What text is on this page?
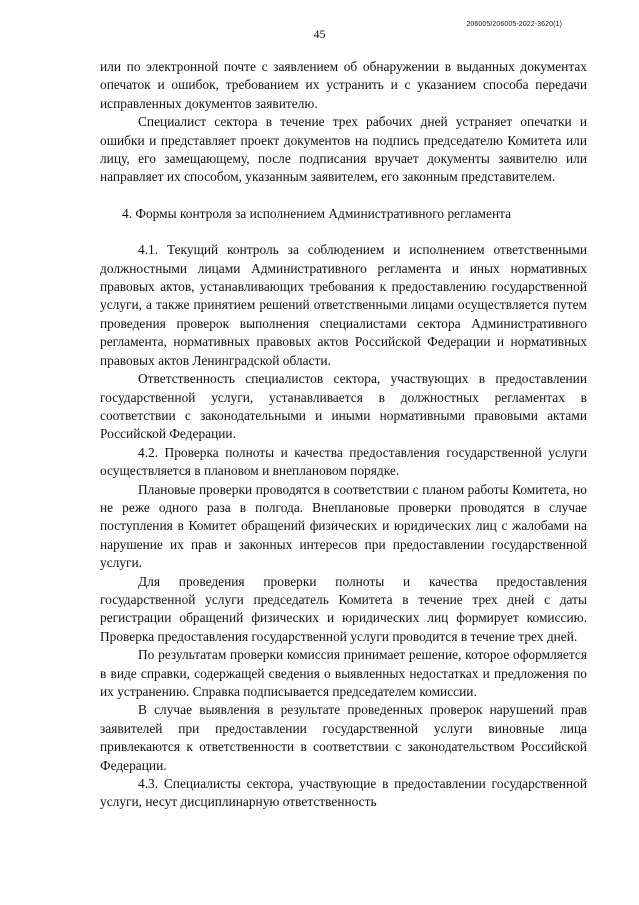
45
206005/206005-2022-3620(1)

или по электронной почте с заявлением об обнаружении в выданных документах опечаток и ошибок, требованием их устранить и с указанием способа передачи исправленных документов заявителю.

Специалист сектора в течение трех рабочих дней устраняет опечатки и ошибки и представляет проект документов на подпись председателю Комитета или лицу, его замещающему, после подписания вручает документы заявителю или направляет их способом, указанным заявителем, его законным представителем.

4. Формы контроля за исполнением Административного регламента

4.1. Текущий контроль за соблюдением и исполнением ответственными должностными лицами Административного регламента и иных нормативных правовых актов, устанавливающих требования к предоставлению государственной услуги, а также принятием решений ответственными лицами осуществляется путем проведения проверок выполнения специалистами сектора Административного регламента, нормативных правовых актов Российской Федерации и нормативных правовых актов Ленинградской области.

Ответственность специалистов сектора, участвующих в предоставлении государственной услуги, устанавливается в должностных регламентах в соответствии с законодательными и иными нормативными правовыми актами Российской Федерации.

4.2. Проверка полноты и качества предоставления государственной услуги осуществляется в плановом и внеплановом порядке.

Плановые проверки проводятся в соответствии с планом работы Комитета, но не реже одного раза в полгода. Внеплановые проверки проводятся в случае поступления в Комитет обращений физических и юридических лиц с жалобами на нарушение их прав и законных интересов при предоставлении государственной услуги.

Для проведения проверки полноты и качества предоставления государственной услуги председатель Комитета в течение трех дней с даты регистрации обращений физических и юридических лиц формирует комиссию. Проверка предоставления государственной услуги проводится в течение трех дней.

По результатам проверки комиссия принимает решение, которое оформляется в виде справки, содержащей сведения о выявленных недостатках и предложения по их устранению. Справка подписывается председателем комиссии.

В случае выявления в результате проведенных проверок нарушений прав заявителей при предоставлении государственной услуги виновные лица привлекаются к ответственности в соответствии с законодательством Российской Федерации.

4.3. Специалисты сектора, участвующие в предоставлении государственной услуги, несут дисциплинарную ответственность
